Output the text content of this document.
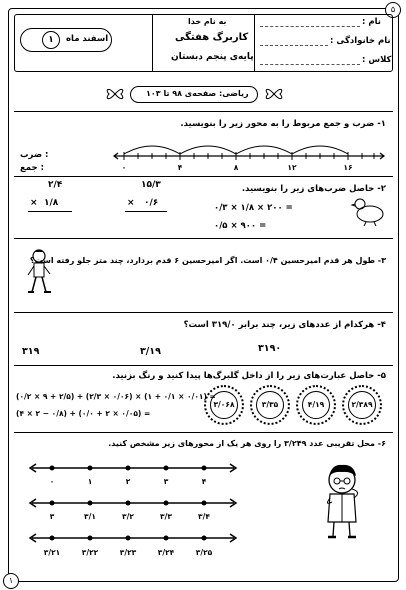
۵
۱
به نام خدا
کاربرگ هفتگی
پایه‌ی پنجم دبستان
اسفند ماه
۱
نام :
نام خانوادگی :
کلاس :
ریاضی: صفحه‌ی ۹۸ تا ۱۰۳
۱- ضرب و جمع مربوط را به محور زیر را بنویسید.
: ضرب
: جمع	۰	۴	۸	۱۲	۱۶
۲- حاصل ضرب‌های زیر را بنویسید.
۱۵/۳
× ۰/۶
۲/۴
× ۱/۸	= ۲۰۰ × ۱/۸ × ۰/۳
= ۹۰۰ × ۰/۵
۳- طول هر قدم امیرحسین ۰/۴ است. اگر امیرحسین ۶ قدم بردارد، چند متر جلو رفته است؟
۴- هرکدام از عددهای زیر، چند برابر ۳۱۹/۰ است؟
۳۱۹۰
۳/۱۹
۳۱۹
۵- حاصل عبارت‌های زیر را از داخل گلبرگ‌ها پیدا کنید و رنگ بزنید.
= (۰/۰۱ × ۰/۱ + ۱) × (۰/۰۶ × ۲/۳) + (۲/۵ + ۹ × ۰/۲)
= (۰/۰۵ × ۲ + ۰/۰) + (۰/۸ − ۲ × ۴)
۲/۳۸۹
۴/۱۹
۳/۳۵
۳/۰۶۸
۶- محل تقریبی عدد ۳/۲۴۹ را روی هر یک از محورهای زیر مشخص کنید.
۰	۱	۲	۳	۴
۳	۳/۱	۳/۲	۳/۳	۳/۴
۳/۲۱	۳/۲۲	۳/۲۳	۳/۲۴	۳/۲۵
